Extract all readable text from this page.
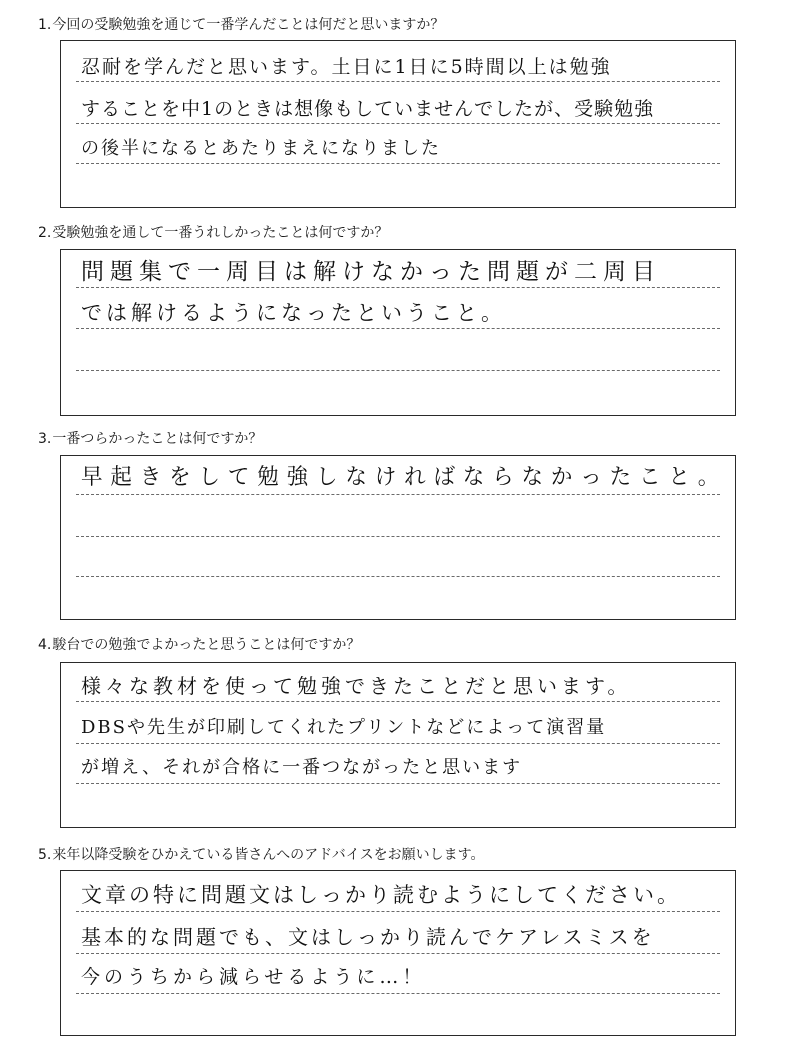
1.今回の受験勉強を通じて一番学んだことは何だと思いますか？
忍耐を学んだと思います。土日に1日に5時間以上は勉強
することを中1のときは想像もしていませんでしたが、受験勉強
の後半になるとあたりまえになりました
2.受験勉強を通して一番うれしかったことは何ですか？
問題集で一周目は解けなかった問題が二周目
では解けるようになったということ。
3.一番つらかったことは何ですか？
早起きをして勉強しなければならなかったこと。
4.駿台での勉強でよかったと思うことは何ですか？
様々な教材を使って勉強できたことだと思います。
DBSや先生が印刷してくれたプリントなどによって演習量
が増え、それが合格に一番つながったと思います
5.来年以降受験をひかえている皆さんへのアドバイスをお願いします。
文章の特に問題文はしっかり読むようにしてください。
基本的な問題でも、文はしっかり読んでケアレスミスを
今のうちから減らせるように…！
